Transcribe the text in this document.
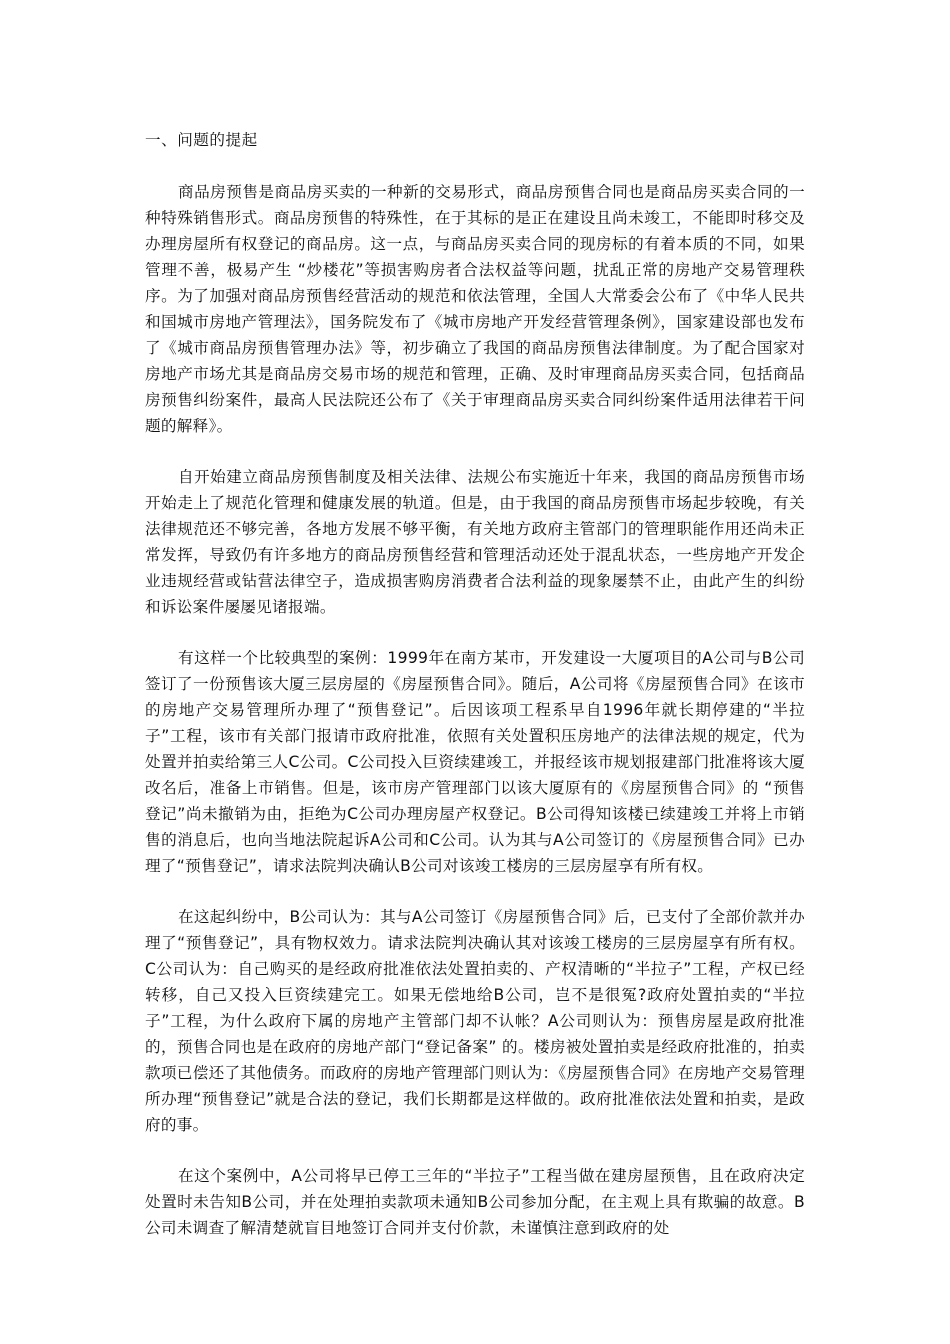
一、问题的提起

商品房预售是商品房买卖的一种新的交易形式，商品房预售合同也是商品房买卖合同的一种特殊销售形式。商品房预售的特殊性，在于其标的是正在建设且尚未竣工，不能即时移交及办理房屋所有权登记的商品房。这一点，与商品房买卖合同的现房标的有着本质的不同，如果管理不善，极易产生 “炒楼花”等损害购房者合法权益等问题，扰乱正常的房地产交易管理秩序。为了加强对商品房预售经营活动的规范和依法管理，全国人大常委会公布了《中华人民共和国城市房地产管理法》，国务院发布了《城市房地产开发经营管理条例》，国家建设部也发布了《城市商品房预售管理办法》等，初步确立了我国的商品房预售法律制度。为了配合国家对房地产市场尤其是商品房交易市场的规范和管理，正确、及时审理商品房买卖合同，包括商品房预售纠纷案件，最高人民法院还公布了《关于审理商品房买卖合同纠纷案件适用法律若干问题的解释》。

自开始建立商品房预售制度及相关法律、法规公布实施近十年来，我国的商品房预售市场开始走上了规范化管理和健康发展的轨道。但是，由于我国的商品房预售市场起步较晚，有关法律规范还不够完善，各地方发展不够平衡，有关地方政府主管部门的管理职能作用还尚未正常发挥，导致仍有许多地方的商品房预售经营和管理活动还处于混乱状态，一些房地产开发企业违规经营或钻营法律空子，造成损害购房消费者合法利益的现象屡禁不止，由此产生的纠纷和诉讼案件屡屡见诸报端。

有这样一个比较典型的案例：1999年在南方某市，开发建设一大厦项目的A公司与B公司签订了一份预售该大厦三层房屋的《房屋预售合同》。随后，A公司将《房屋预售合同》在该市的房地产交易管理所办理了“预售登记”。后因该项工程系早自1996年就长期停建的“半拉子”工程，该市有关部门报请市政府批准，依照有关处置积压房地产的法律法规的规定，代为处置并拍卖给第三人C公司。C公司投入巨资续建竣工，并报经该市规划报建部门批准将该大厦改名后，准备上市销售。但是，该市房产管理部门以该大厦原有的《房屋预售合同》的 “预售登记”尚未撤销为由，拒绝为C公司办理房屋产权登记。B公司得知该楼已续建竣工并将上市销售的消息后，也向当地法院起诉A公司和C公司。认为其与A公司签订的《房屋预售合同》已办理了“预售登记”，请求法院判决确认B公司对该竣工楼房的三层房屋享有所有权。

在这起纠纷中，B公司认为：其与A公司签订《房屋预售合同》后，已支付了全部价款并办理了“预售登记”，具有物权效力。请求法院判决确认其对该竣工楼房的三层房屋享有所有权。C公司认为：自己购买的是经政府批准依法处置拍卖的、产权清晰的“半拉子”工程，产权已经转移，自己又投入巨资续建完工。如果无偿地给B公司，岂不是很冤?政府处置拍卖的“半拉子”工程，为什么政府下属的房地产主管部门却不认帐？A公司则认为：预售房屋是政府批准的，预售合同也是在政府的房地产部门“登记备案” 的。楼房被处置拍卖是经政府批准的，拍卖款项已偿还了其他债务。而政府的房地产管理部门则认为：《房屋预售合同》在房地产交易管理所办理“预售登记”就是合法的登记，我们长期都是这样做的。政府批准依法处置和拍卖，是政府的事。

在这个案例中，A公司将早已停工三年的“半拉子”工程当做在建房屋预售，且在政府决定处置时未告知B公司，并在处理拍卖款项未通知B公司参加分配，在主观上具有欺骗的故意。B公司未调查了解清楚就盲目地签订合同并支付价款，未谨慎注意到政府的处
